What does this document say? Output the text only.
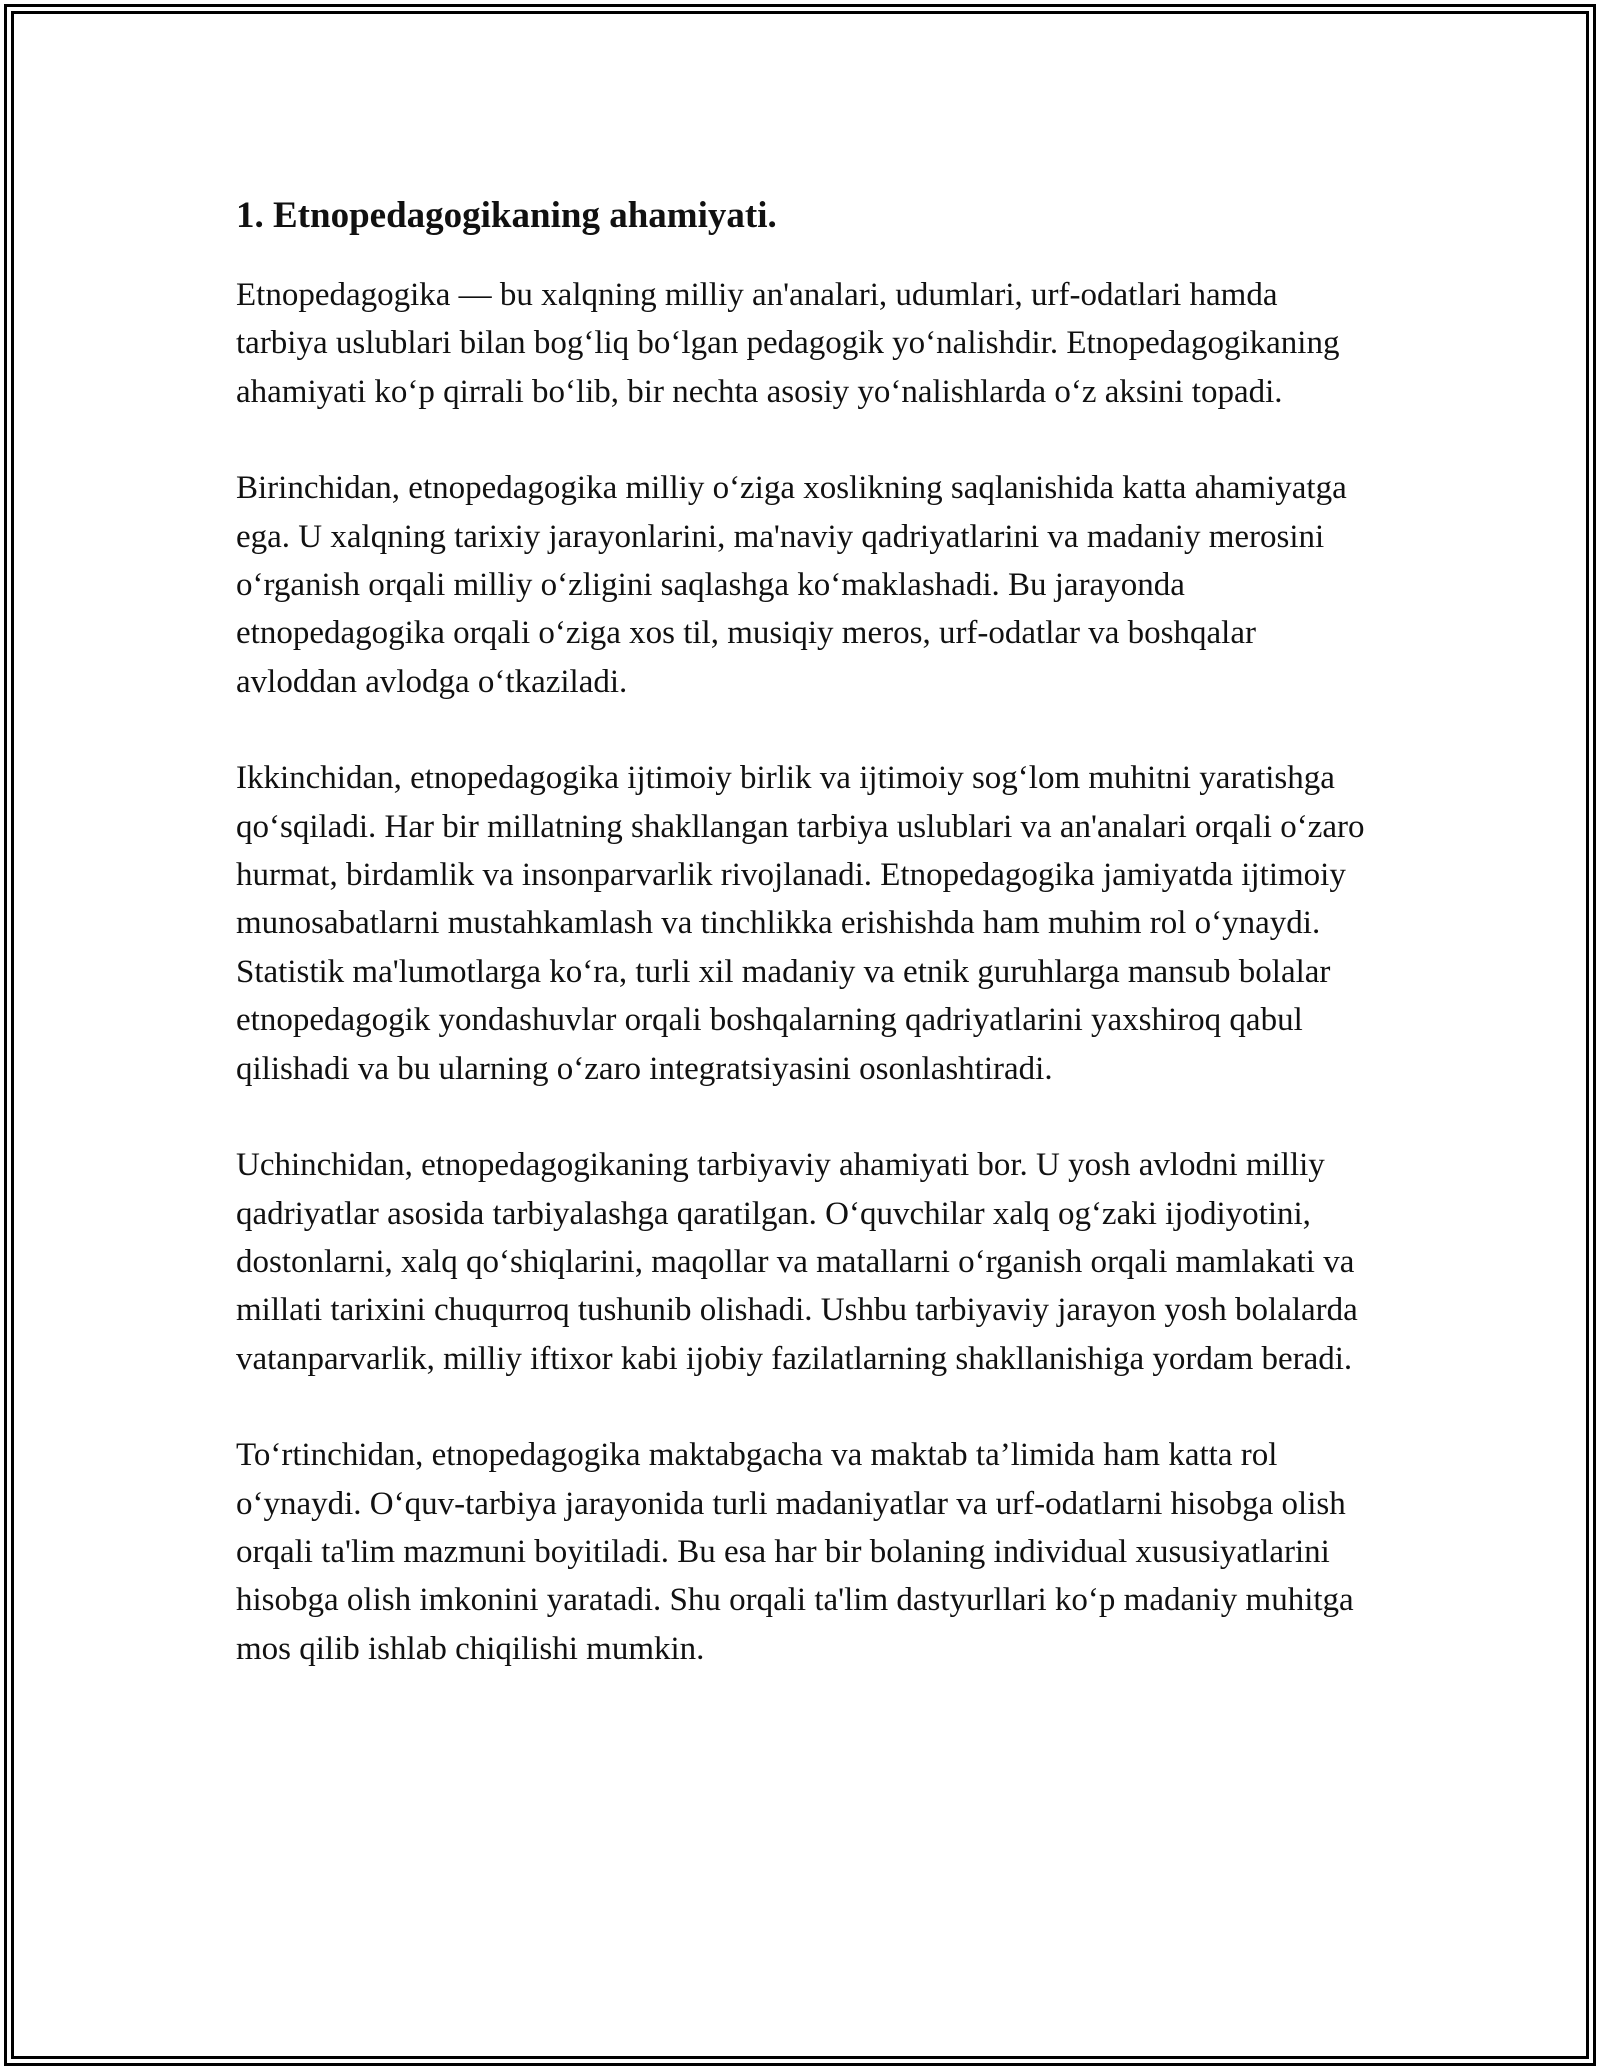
1. Etnopedagogikaning ahamiyati.

Etnopedagogika — bu xalqning milliy an'analari, udumlari, urf-odatlari hamda tarbiya uslublari bilan bog‘liq bo‘lgan pedagogik yo‘nalishdir. Etnopedagogikaning ahamiyati ko‘p qirrali bo‘lib, bir nechta asosiy yo‘nalishlarda o‘z aksini topadi.

Birinchidan, etnopedagogika milliy o‘ziga xoslikning saqlanishida katta ahamiyatga ega. U xalqning tarixiy jarayonlarini, ma'naviy qadriyatlarini va madaniy merosini o‘rganish orqali milliy o‘zligini saqlashga ko‘maklashadi. Bu jarayonda etnopedagogika orqali o‘ziga xos til, musiqiy meros, urf-odatlar va boshqalar avloddan avlodga o‘tkaziladi.

Ikkinchidan, etnopedagogika ijtimoiy birlik va ijtimoiy sog‘lom muhitni yaratishga qo‘sqiladi. Har bir millatning shakllangan tarbiya uslublari va an'analari orqali o‘zaro hurmat, birdamlik va insonparvarlik rivojlanadi. Etnopedagogika jamiyatda ijtimoiy munosabatlarni mustahkamlash va tinchlikka erishishda ham muhim rol o‘ynaydi. Statistik ma'lumotlarga ko‘ra, turli xil madaniy va etnik guruhlarga mansub bolalar etnopedagogik yondashuvlar orqali boshqalarning qadriyatlarini yaxshiroq qabul qilishadi va bu ularning o‘zaro integratsiyasini osonlashtiradi.

Uchinchidan, etnopedagogikaning tarbiyaviy ahamiyati bor. U yosh avlodni milliy qadriyatlar asosida tarbiyalashga qaratilgan. O‘quvchilar xalq og‘zaki ijodiyotini, dostonlarni, xalq qo‘shiqlarini, maqollar va matallarni o‘rganish orqali mamlakati va millati tarixini chuqurroq tushunib olishadi. Ushbu tarbiyaviy jarayon yosh bolalarda vatanparvarlik, milliy iftixor kabi ijobiy fazilatlarning shakllanishiga yordam beradi.

To‘rtinchidan, etnopedagogika maktabgacha va maktab ta’limida ham katta rol o‘ynaydi. O‘quv-tarbiya jarayonida turli madaniyatlar va urf-odatlarni hisobga olish orqali ta'lim mazmuni boyitiladi. Bu esa har bir bolaning individual xususiyatlarini hisobga olish imkonini yaratadi. Shu orqali ta'lim dastyurllari ko‘p madaniy muhitga mos qilib ishlab chiqilishi mumkin.
